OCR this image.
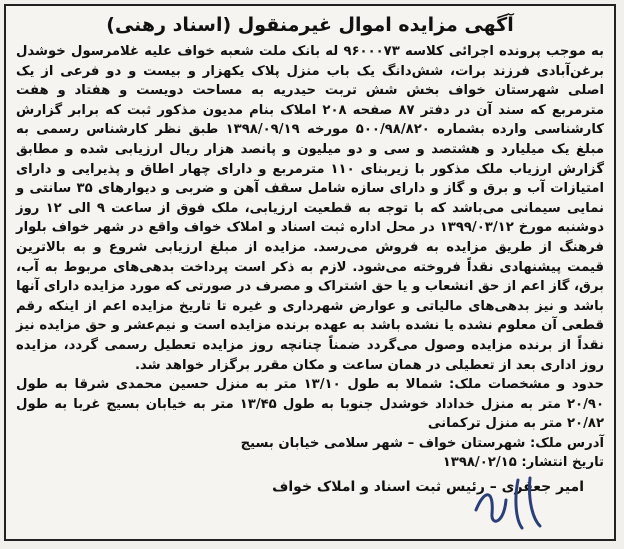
آگهی مزایده اموال غیرمنقول (اسناد رهنی)

به موجب پرونده اجرائی کلاسه ۹۶۰۰۰۷۳ له بانک ملت شعبه خواف علیه غلامرسول خوشدل برغن‌آبادی فرزند برات، شش‌دانگ یک باب منزل پلاک یکهزار و بیست و دو فرعی از یک اصلی شهرستان خواف بخش شش تربت حیدریه به مساحت دویست و هفتاد و هفت مترمربع که سند آن در دفتر ۸۷ صفحه ۲۰۸ املاک بنام مدیون مذکور ثبت که برابر گزارش کارشناسی وارده بشماره ۵۰۰/۹۸/۸۲۰ مورخه ۱۳۹۸/۰۹/۱۹ طبق نظر کارشناس رسمی به مبلغ یک میلیارد و هشتصد و سی و دو میلیون و پانصد هزار ریال ارزیابی شده و مطابق گزارش ارزیاب ملک مذکور با زیربنای ۱۱۰ مترمربع و دارای چهار اطاق و پذیرایی و دارای امتیازات آب و برق و گاز و دارای سازه شامل سقف آهن و ضربی و دیوارهای ۳۵ سانتی و نمایی سیمانی می‌باشد که با توجه به قطعیت ارزیابی، ملک فوق از ساعت ۹ الی ۱۲ روز دوشنبه مورخ ۱۳۹۹/۰۳/۱۲ در محل اداره ثبت اسناد و املاک خواف واقع در شهر خواف بلوار فرهنگ از طریق مزایده به فروش می‌رسد. مزایده از مبلغ ارزیابی شروع و به بالاترین قیمت پیشنهادی نقداً فروخته می‌شود. لازم به ذکر است پرداخت بدهی‌های مربوط به آب، برق، گاز اعم از حق انشعاب و یا حق اشتراک و مصرف در صورتی که مورد مزایده دارای آنها باشد و نیز بدهی‌های مالیاتی و عوارض شهرداری و غیره تا تاریخ مزایده اعم از اینکه رقم قطعی آن معلوم نشده یا نشده باشد به عهده برنده مزایده است و نیم‌عشر و حق مزایده نیز نقداً از برنده مزایده وصول می‌گردد ضمناً چنانچه روز مزایده تعطیل رسمی گردد، مزایده روز اداری بعد از تعطیلی در همان ساعت و مکان مقرر برگزار خواهد شد.

حدود و مشخصات ملک: شمالا به طول ۱۳/۱۰ متر به منزل حسین محمدی شرقا به طول ۲۰/۹۰ متر به منزل خداداد خوشدل جنوبا به طول ۱۳/۴۵ متر به خیابان بسیج غربا به طول ۲۰/۸۲ متر به منزل ترکمانی

آدرس ملک: شهرستان خواف – شهر سلامی خیابان بسیج
تاریخ انتشار: ۱۳۹۸/۰۲/۱۵
امیر جعفری – رئیس ثبت اسناد و املاک خواف
